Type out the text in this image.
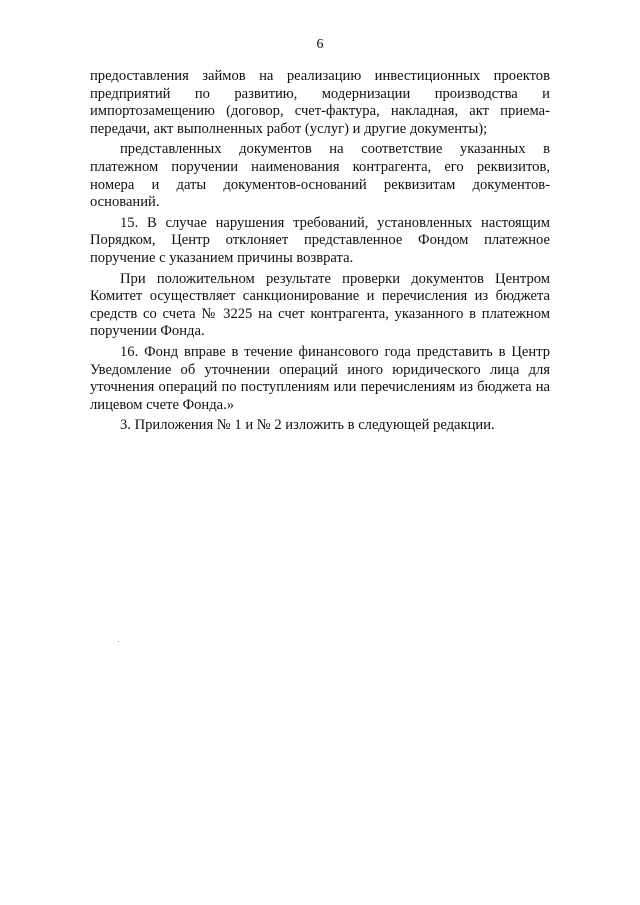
6

предоставления займов на реализацию инвестиционных проектов предприятий по развитию, модернизации производства и импортозамещению (договор, счет-фактура, накладная, акт приема-передачи, акт выполненных работ (услуг) и другие документы);

представленных документов на соответствие указанных в платежном поручении наименования контрагента, его реквизитов, номера и даты документов-оснований реквизитам документов-оснований.

15. В случае нарушения требований, установленных настоящим Порядком, Центр отклоняет представленное Фондом платежное поручение с указанием причины возврата.

При положительном результате проверки документов Центром Комитет осуществляет санкционирование и перечисления из бюджета средств со счета № 3225 на счет контрагента, указанного в платежном поручении Фонда.

16. Фонд вправе в течение финансового года представить в Центр Уведомление об уточнении операций иного юридического лица для уточнения операций по поступлениям или перечислениям из бюджета на лицевом счете Фонда.»

3. Приложения № 1 и № 2 изложить в следующей редакции.
